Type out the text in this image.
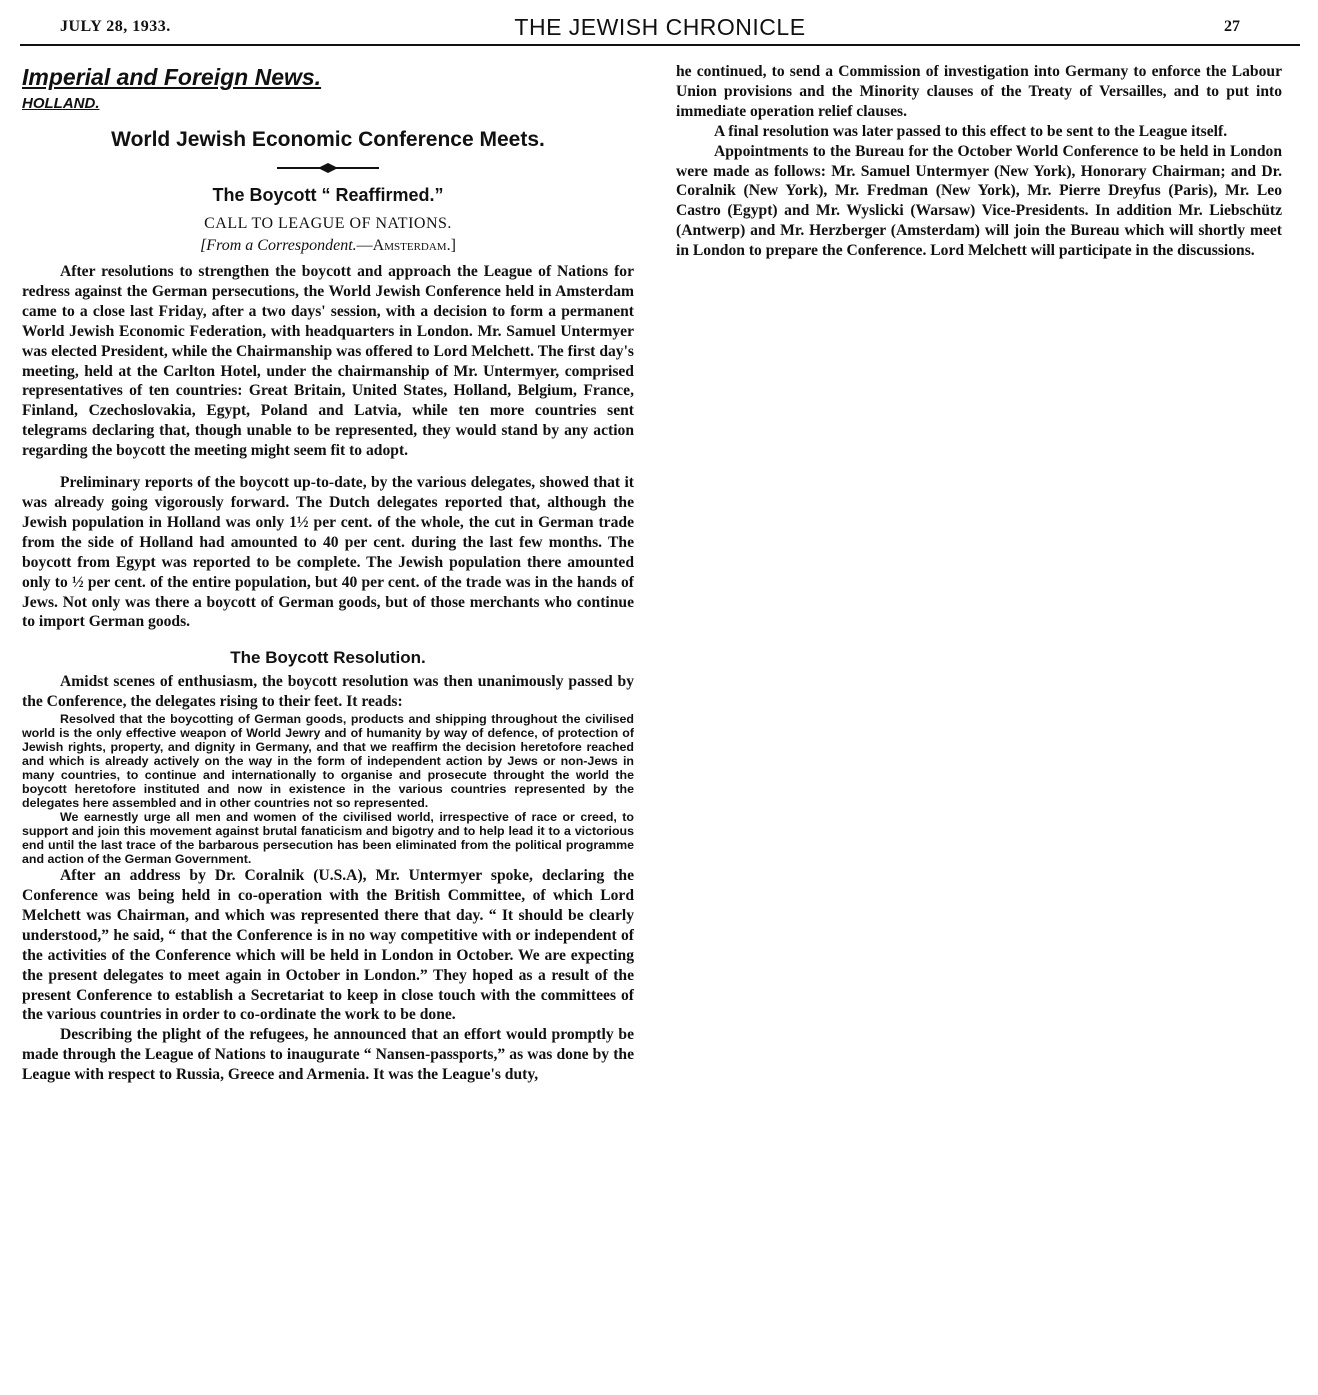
JULY 28, 1933.	THE JEWISH CHRONICLE	27
Imperial and Foreign News.
HOLLAND.
World Jewish Economic Conference Meets.
The Boycott “ Reaffirmed.”
CALL TO LEAGUE OF NATIONS.
[From a Correspondent.—Amsterdam.]

After resolutions to strengthen the boycott and approach the League of Nations for redress against the German persecutions, the World Jewish Conference held in Amsterdam came to a close last Friday, after a two days' session, with a decision to form a permanent World Jewish Economic Federation, with headquarters in London. Mr. Samuel Untermyer was elected President, while the Chairmanship was offered to Lord Melchett. The first day's meeting, held at the Carlton Hotel, under the chairmanship of Mr. Untermyer, comprised representatives of ten countries: Great Britain, United States, Holland, Belgium, France, Finland, Czechoslovakia, Egypt, Poland and Latvia, while ten more countries sent telegrams declaring that, though unable to be represented, they would stand by any action regarding the boycott the meeting might seem fit to adopt.

Preliminary reports of the boycott up-to-date, by the various delegates, showed that it was already going vigorously forward. The Dutch delegates reported that, although the Jewish population in Holland was only 1½ per cent. of the whole, the cut in German trade from the side of Holland had amounted to 40 per cent. during the last few months. The boycott from Egypt was reported to be complete. The Jewish population there amounted only to ½ per cent. of the entire population, but 40 per cent. of the trade was in the hands of Jews. Not only was there a boycott of German goods, but of those merchants who continue to import German goods.

The Boycott Resolution.

Amidst scenes of enthusiasm, the boycott resolution was then unanimously passed by the Conference, the delegates rising to their feet. It reads:

Resolved that the boycotting of German goods, products and shipping throughout the civilised world is the only effective weapon of World Jewry and of humanity by way of defence, of protection of Jewish rights, property, and dignity in Germany, and that we reaffirm the decision heretofore reached and which is already actively on the way in the form of independent action by Jews or non-Jews in many countries, to continue and internationally to organise and prosecute throught the world the boycott heretofore instituted and now in existence in the various countries represented by the delegates here assembled and in other countries not so represented.

We earnestly urge all men and women of the civilised world, irrespective of race or creed, to support and join this movement against brutal fanaticism and bigotry and to help lead it to a victorious end until the last trace of the barbarous persecution has been eliminated from the political programme and action of the German Government.

After an address by Dr. Coralnik (U.S.A), Mr. Untermyer spoke, declaring the Conference was being held in co-operation with the British Committee, of which Lord Melchett was Chairman, and which was represented there that day. “ It should be clearly understood,” he said, “ that the Conference is in no way competitive with or independent of the activities of the Conference which will be held in London in October. We are expecting the present delegates to meet again in October in London.” They hoped as a result of the present Conference to establish a Secretariat to keep in close touch with the committees of the various countries in order to co-ordinate the work to be done.

Describing the plight of the refugees, he announced that an effort would promptly be made through the League of Nations to inaugurate “ Nansen-passports,” as was done by the League with respect to Russia, Greece and Armenia. It was the League's duty,

he continued, to send a Commission of investigation into Germany to enforce the Labour Union provisions and the Minority clauses of the Treaty of Versailles, and to put into immediate operation relief clauses.

A final resolution was later passed to this effect to be sent to the League itself.

Appointments to the Bureau for the October World Conference to be held in London were made as follows: Mr. Samuel Untermyer (New York), Honorary Chairman; and Dr. Coralnik (New York), Mr. Fredman (New York), Mr. Pierre Dreyfus (Paris), Mr. Leo Castro (Egypt) and Mr. Wyslicki (Warsaw) Vice-Presidents. In addition Mr. Liebschütz (Antwerp) and Mr. Herzberger (Amsterdam) will join the Bureau which will shortly meet in London to prepare the Conference. Lord Melchett will participate in the discussions.
